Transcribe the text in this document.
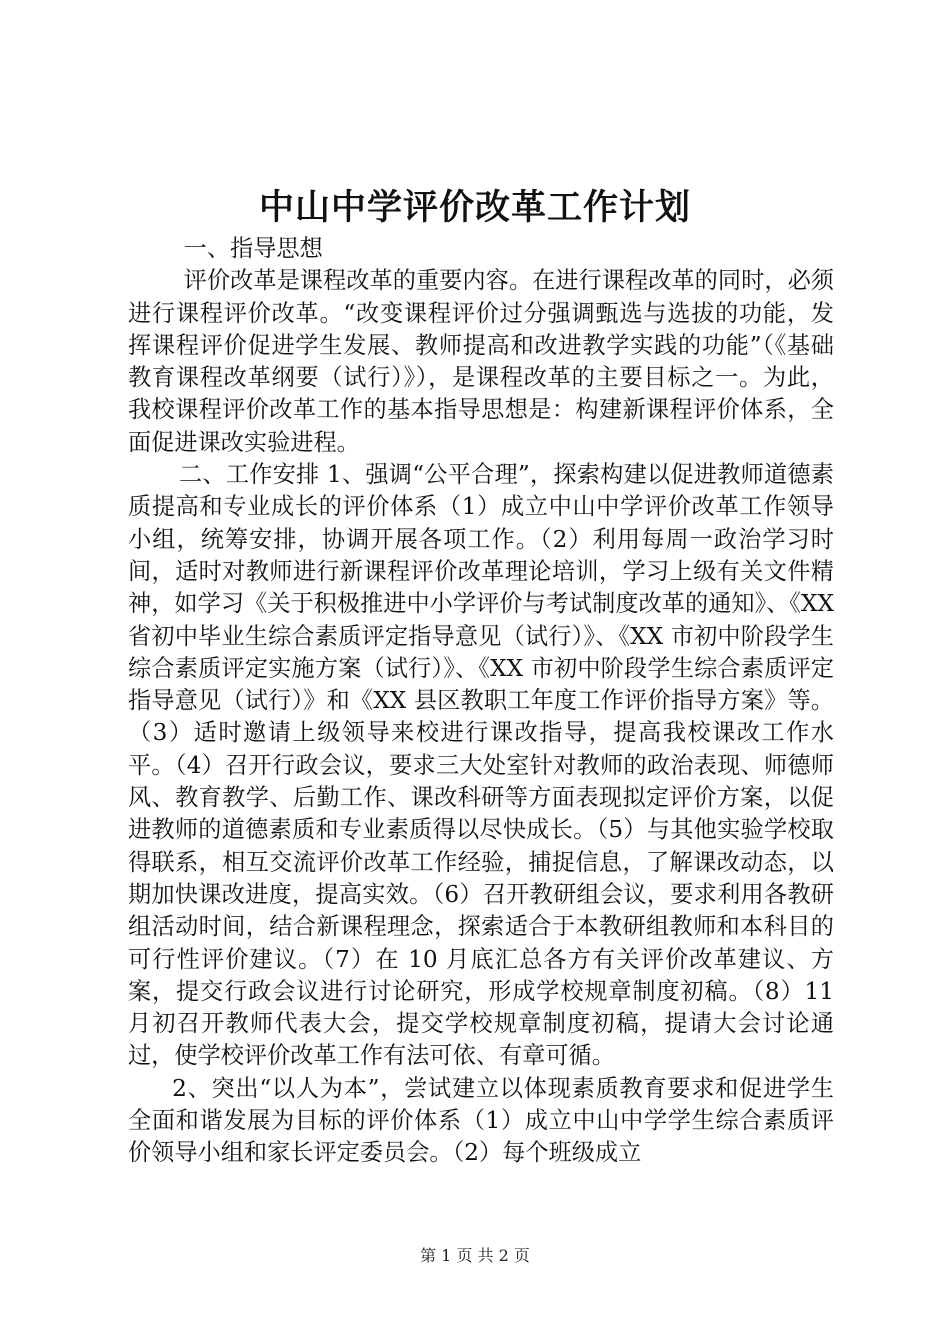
中山中学评价改革工作计划

一、指导思想

评价改革是课程改革的重要内容。在进行课程改革的同时，必须进行课程评价改革。“改变课程评价过分强调甄选与选拔的功能，发挥课程评价促进学生发展、教师提高和改进教学实践的功能”（《基础教育课程改革纲要（试行）》），是课程改革的主要目标之一。为此，我校课程评价改革工作的基本指导思想是：构建新课程评价体系，全面促进课改实验进程。

二、工作安排 1、强调“公平合理”，探索构建以促进教师道德素质提高和专业成长的评价体系（1）成立中山中学评价改革工作领导小组，统筹安排，协调开展各项工作。（2）利用每周一政治学习时间，适时对教师进行新课程评价改革理论培训，学习上级有关文件精神，如学习《关于积极推进中小学评价与考试制度改革的通知》、《XX 省初中毕业生综合素质评定指导意见（试行）》、《XX 市初中阶段学生综合素质评定实施方案（试行）》、《XX 市初中阶段学生综合素质评定指导意见（试行）》和《XX 县区教职工年度工作评价指导方案》等。（3）适时邀请上级领导来校进行课改指导，提高我校课改工作水平。（4）召开行政会议，要求三大处室针对教师的政治表现、师德师风、教育教学、后勤工作、课改科研等方面表现拟定评价方案，以促进教师的道德素质和专业素质得以尽快成长。（5）与其他实验学校取得联系，相互交流评价改革工作经验，捕捉信息，了解课改动态，以期加快课改进度，提高实效。（6）召开教研组会议，要求利用各教研组活动时间，结合新课程理念，探索适合于本教研组教师和本科目的可行性评价建议。（7）在 10 月底汇总各方有关评价改革建议、方案，提交行政会议进行讨论研究，形成学校规章制度初稿。（8）11 月初召开教师代表大会，提交学校规章制度初稿，提请大会讨论通过，使学校评价改革工作有法可依、有章可循。

2、突出“以人为本”，尝试建立以体现素质教育要求和促进学生全面和谐发展为目标的评价体系（1）成立中山中学学生综合素质评价领导小组和家长评定委员会。（2）每个班级成立

第 1 页 共 2 页
